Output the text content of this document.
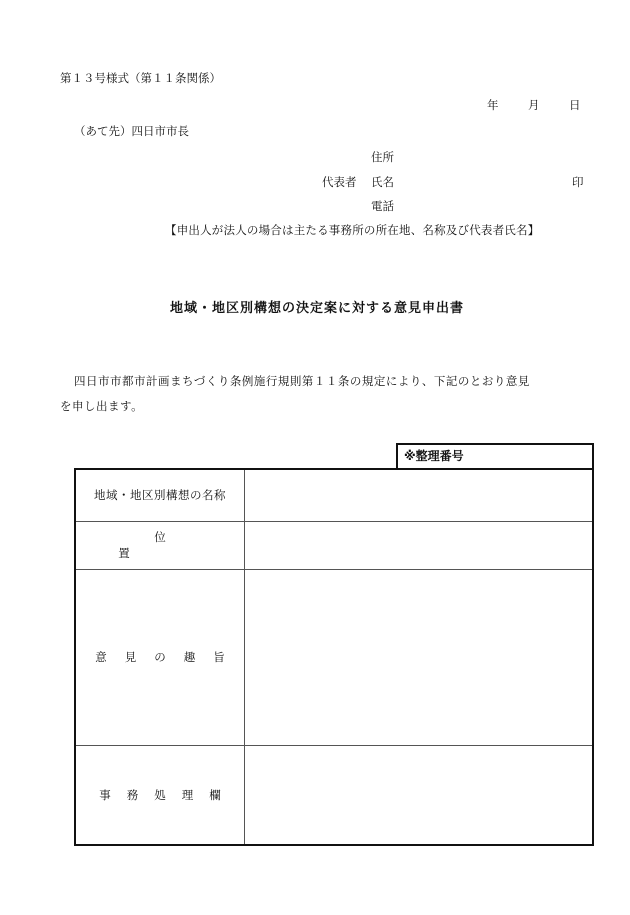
第１３号様式（第１１条関係）
年	月	日
（あて先）四日市市長
住所
代表者 氏名	印
電話
【申出人が法人の場合は主たる事務所の所在地、名称及び代表者氏名】
地域・地区別構想の決定案に対する意見申出書
四日市市都市計画まちづくり条例施行規則第１１条の規定により、下記のとおり意見
を申し出ます。
※整理番号
地域・地区別構想の名称	
位置	
意見の趣旨	
事務処理欄	
